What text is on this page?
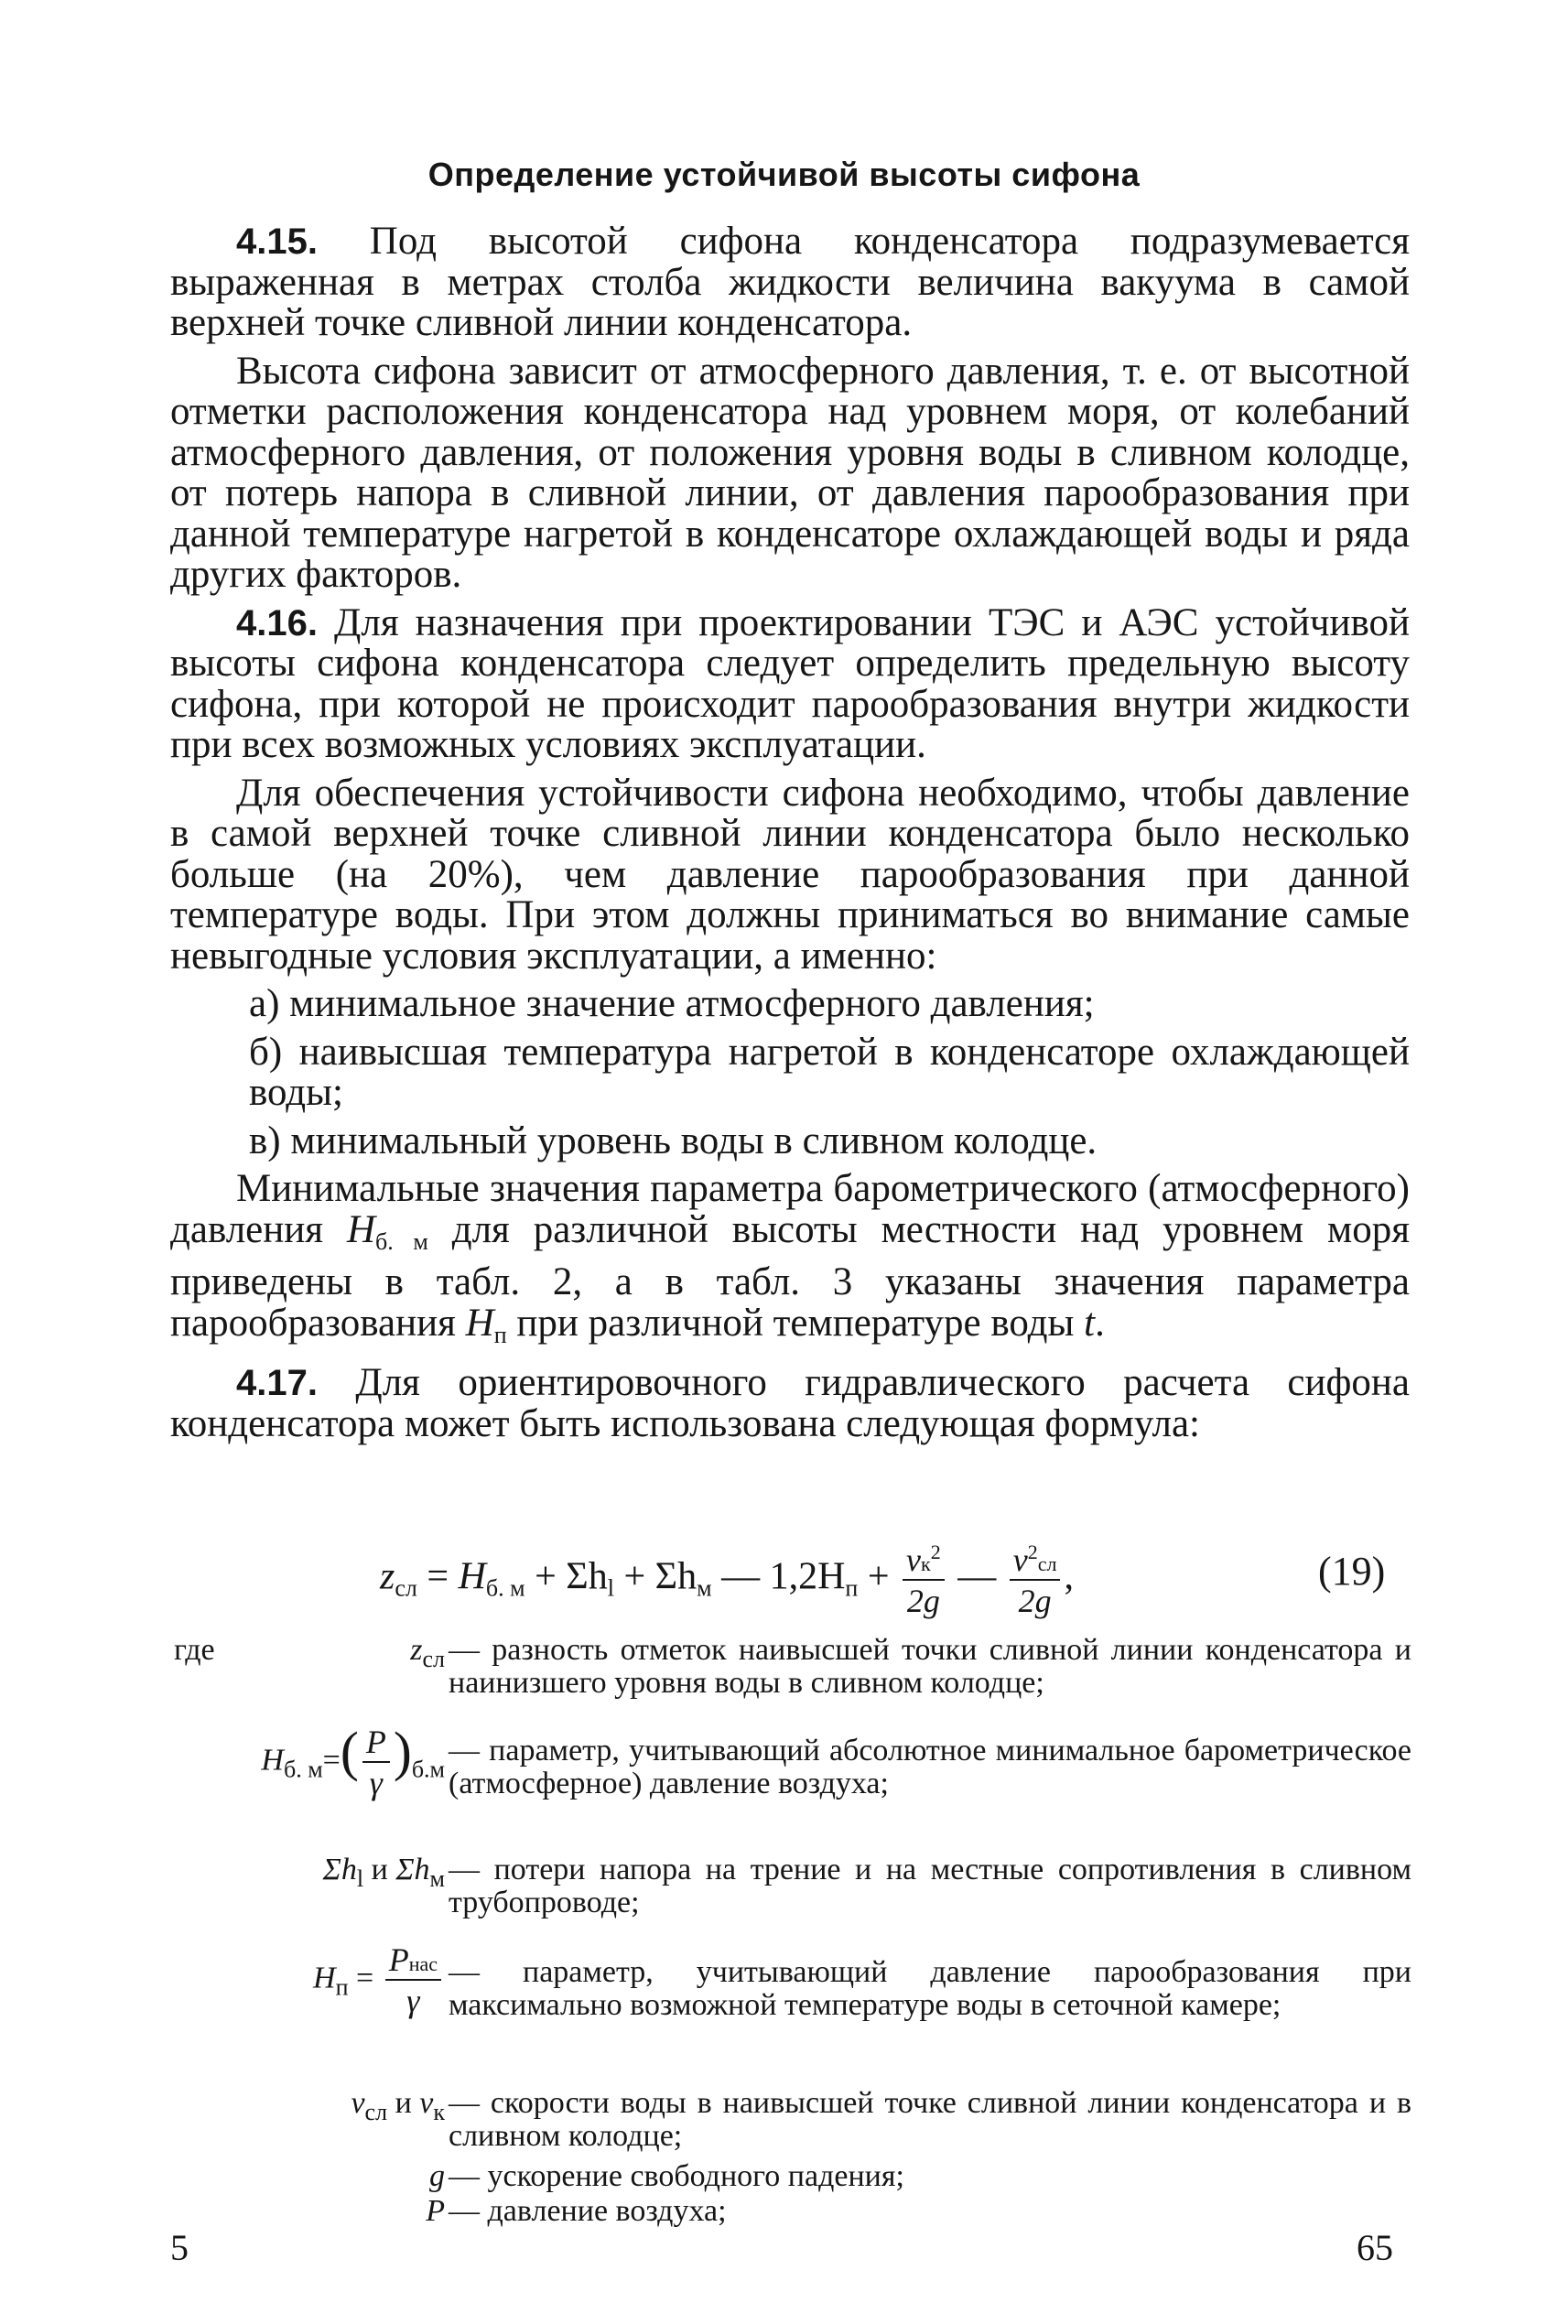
Определение устойчивой высоты сифона

4.15. Под высотой сифона конденсатора подразумевается выраженная в метрах столба жидкости величина вакуума в самой верхней точке сливной линии конденсатора.

Высота сифона зависит от атмосферного давления, т. е. от высотной отметки расположения конденсатора над уровнем моря, от колебаний атмосферного давления, от положения уровня воды в сливном колодце, от потерь напора в сливной линии, от давления парообразования при данной температуре нагретой в конденсаторе охлаждающей воды и ряда других факторов.

4.16. Для назначения при проектировании ТЭС и АЭС устойчивой высоты сифона конденсатора следует определить предельную высоту сифона, при которой не происходит парообразования внутри жидкости при всех возможных условиях эксплуатации.

Для обеспечения устойчивости сифона необходимо, чтобы давление в самой верхней точке сливной линии конденсатора было несколько больше (на 20%), чем давление парообразования при данной температуре воды. При этом должны приниматься во внимание самые невыгодные условия эксплуатации, а именно:

а) минимальное значение атмосферного давления;

б) наивысшая температура нагретой в конденсаторе охлаждающей воды;

в) минимальный уровень воды в сливном колодце.

Минимальные значения параметра барометрического (атмосферного) давления $H_{б. м}$ для различной высоты местности над уровнем моря приведены в табл. 2, а в табл. 3 указаны значения параметра парообразования $H_п$ при различной температуре воды t.

4.17. Для ориентировочного гидравлического расчета сифона конденсатора может быть использована следующая формула:

$z_{сл} = H_{б. м} + \Sigma h_l + \Sigma h_м$ — $1,2H_п + \frac{vк^2}{2g}$ — $\frac{v^2сл}{2g}$ ,	(19)
где	$z_{сл}$ — разность отметок наивысшей точки сливной линии конденсатора и наинизшего уровня воды в сливном колодце;
$H_{б. м}=( \frac{P}{\gamma} )_{б.м}$
— параметр, учитывающий абсолютное минимальное барометрическое (атмосферное) давление воздуха;
$\Sigma h_l$ и $\Sigma h_м$ — потери напора на трение и на местные сопротивления в сливном трубопроводе;
$H_п = \frac{\text{Pнас}}{\gamma}$ — параметр, учитывающий давление парообразования при максимально возможной температуре воды в сеточной камере;
$v_{сл}$ и $v_к$ — скорости воды в наивысшей точке сливной линии конденсатора и в сливном колодце;
g — ускорение свободного падения;
P — давление воздуха;
5	65
